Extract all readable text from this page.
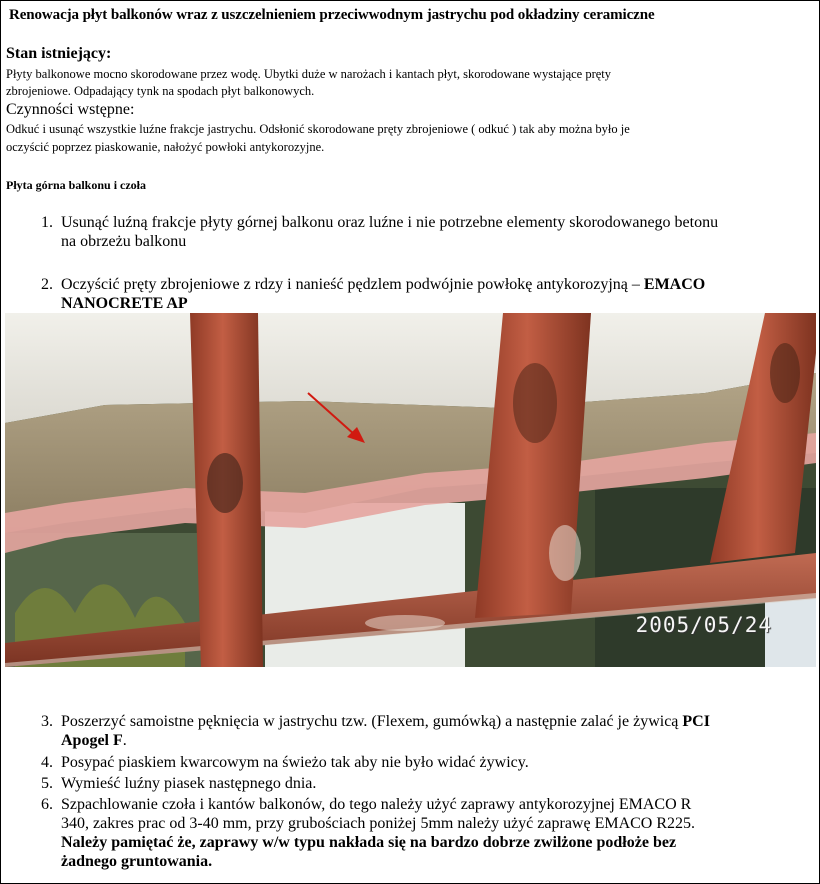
Renowacja płyt balkonów wraz z uszczelnieniem przeciwwodnym jastrychu pod okładziny ceramiczne
Stan istniejący:
Płyty balkonowe mocno skorodowane przez wodę. Ubytki duże w narożach i kantach płyt, skorodowane wystające pręty
zbrojeniowe. Odpadający tynk na spodach płyt balkonowych.
Czynności wstępne:
Odkuć i usunąć wszystkie luźne frakcje jastrychu. Odsłonić skorodowane pręty zbrojeniowe ( odkuć ) tak aby można było je
oczyścić poprzez piaskowanie, nałożyć powłoki antykorozyjne.
Płyta górna balkonu i czoła
1. Usunąć luźną frakcje płyty górnej balkonu oraz luźne i nie potrzebne elementy skorodowanego betonu
na obrzeżu balkonu
2. Oczyścić pręty zbrojeniowe z rdzy i nanieść pędzlem podwójnie powłokę antykorozyjną – EMACO
NANOCRETE AP
2005/05/24
3. Poszerzyć samoistne pęknięcia w jastrychu tzw. (Flexem, gumówką) a następnie zalać je żywicą PCI
Apogel F.
4. Posypać piaskiem kwarcowym na świeżo tak aby nie było widać żywicy.
5. Wymieść luźny piasek następnego dnia.
6. Szpachlowanie czoła i kantów balkonów, do tego należy użyć zaprawy antykorozyjnej EMACO R
340, zakres prac od 3-40 mm, przy grubościach poniżej 5mm należy użyć zaprawę EMACO R225.
Należy pamiętać że, zaprawy w/w typu nakłada się na bardzo dobrze zwilżone podłoże bez
żadnego gruntowania.
